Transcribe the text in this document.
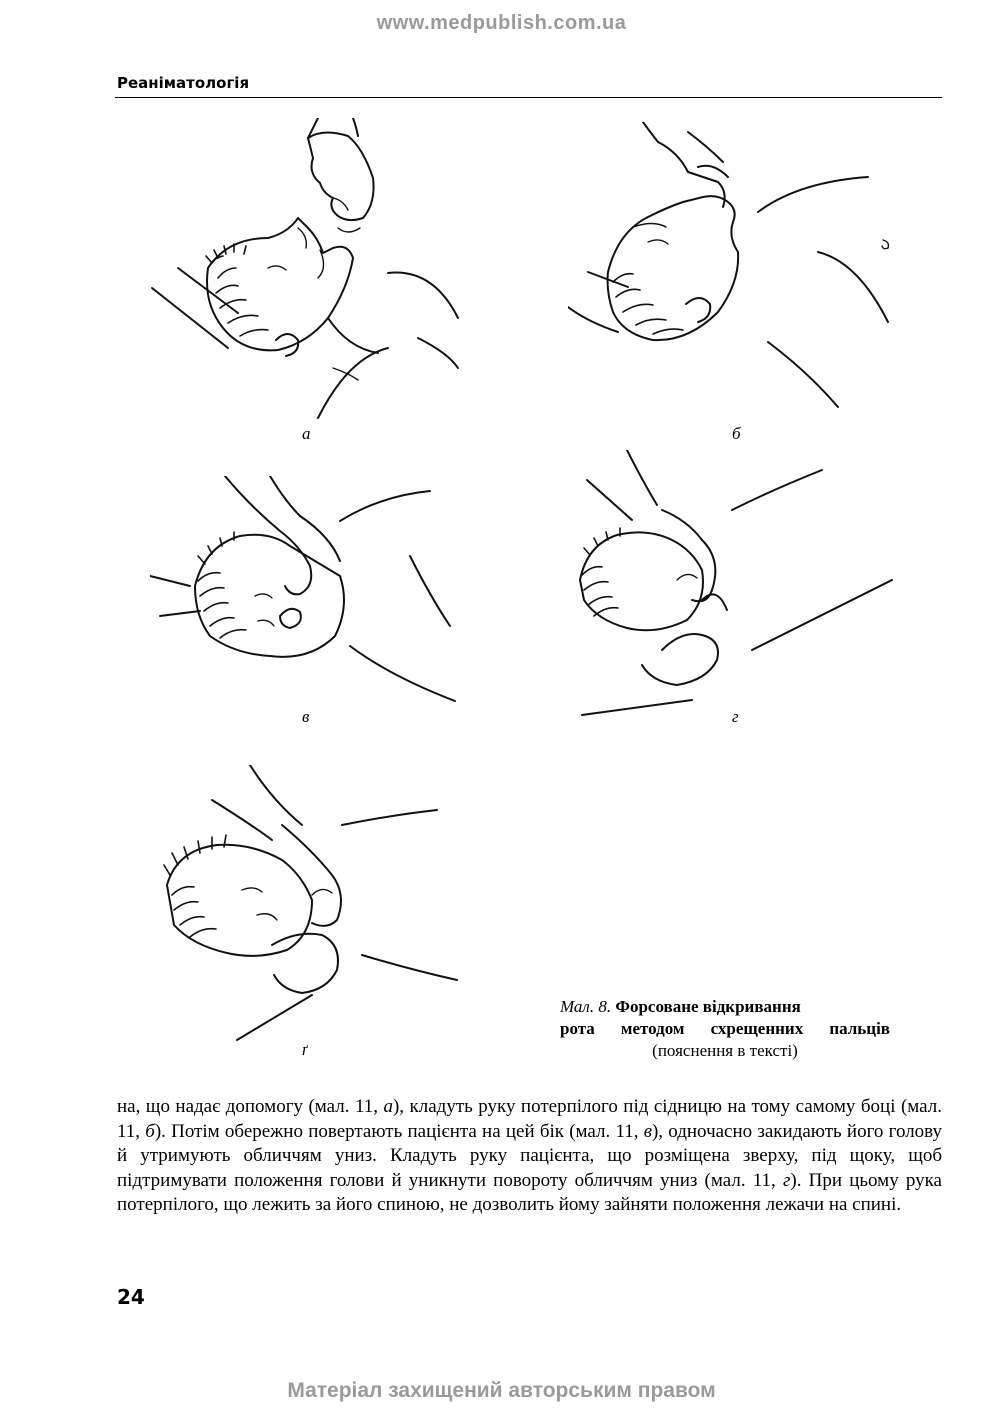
www.medpublish.com.ua
Реаніматологія
а	б
в	г
ґ
Мал. 8. Форсоване відкривання
рота методом схрещенних пальців
(пояснення в тексті)

на, що надає допомогу (мал. 11, а), кладуть руку потерпілого під сідницю на тому самому боці (мал. 11, б). Потім обережно повертають пацієнта на цей бік (мал. 11, в), одночасно закидають його голову й утримують обличчям униз. Кладуть руку пацієнта, що розміщена зверху, під щоку, щоб підтримувати положення голови й уникнути повороту обличчям униз (мал. 11, г). При цьому рука потерпілого, що лежить за його спиною, не дозволить йому зайняти положення лежачи на спині.

24
Матеріал захищений авторським правом
